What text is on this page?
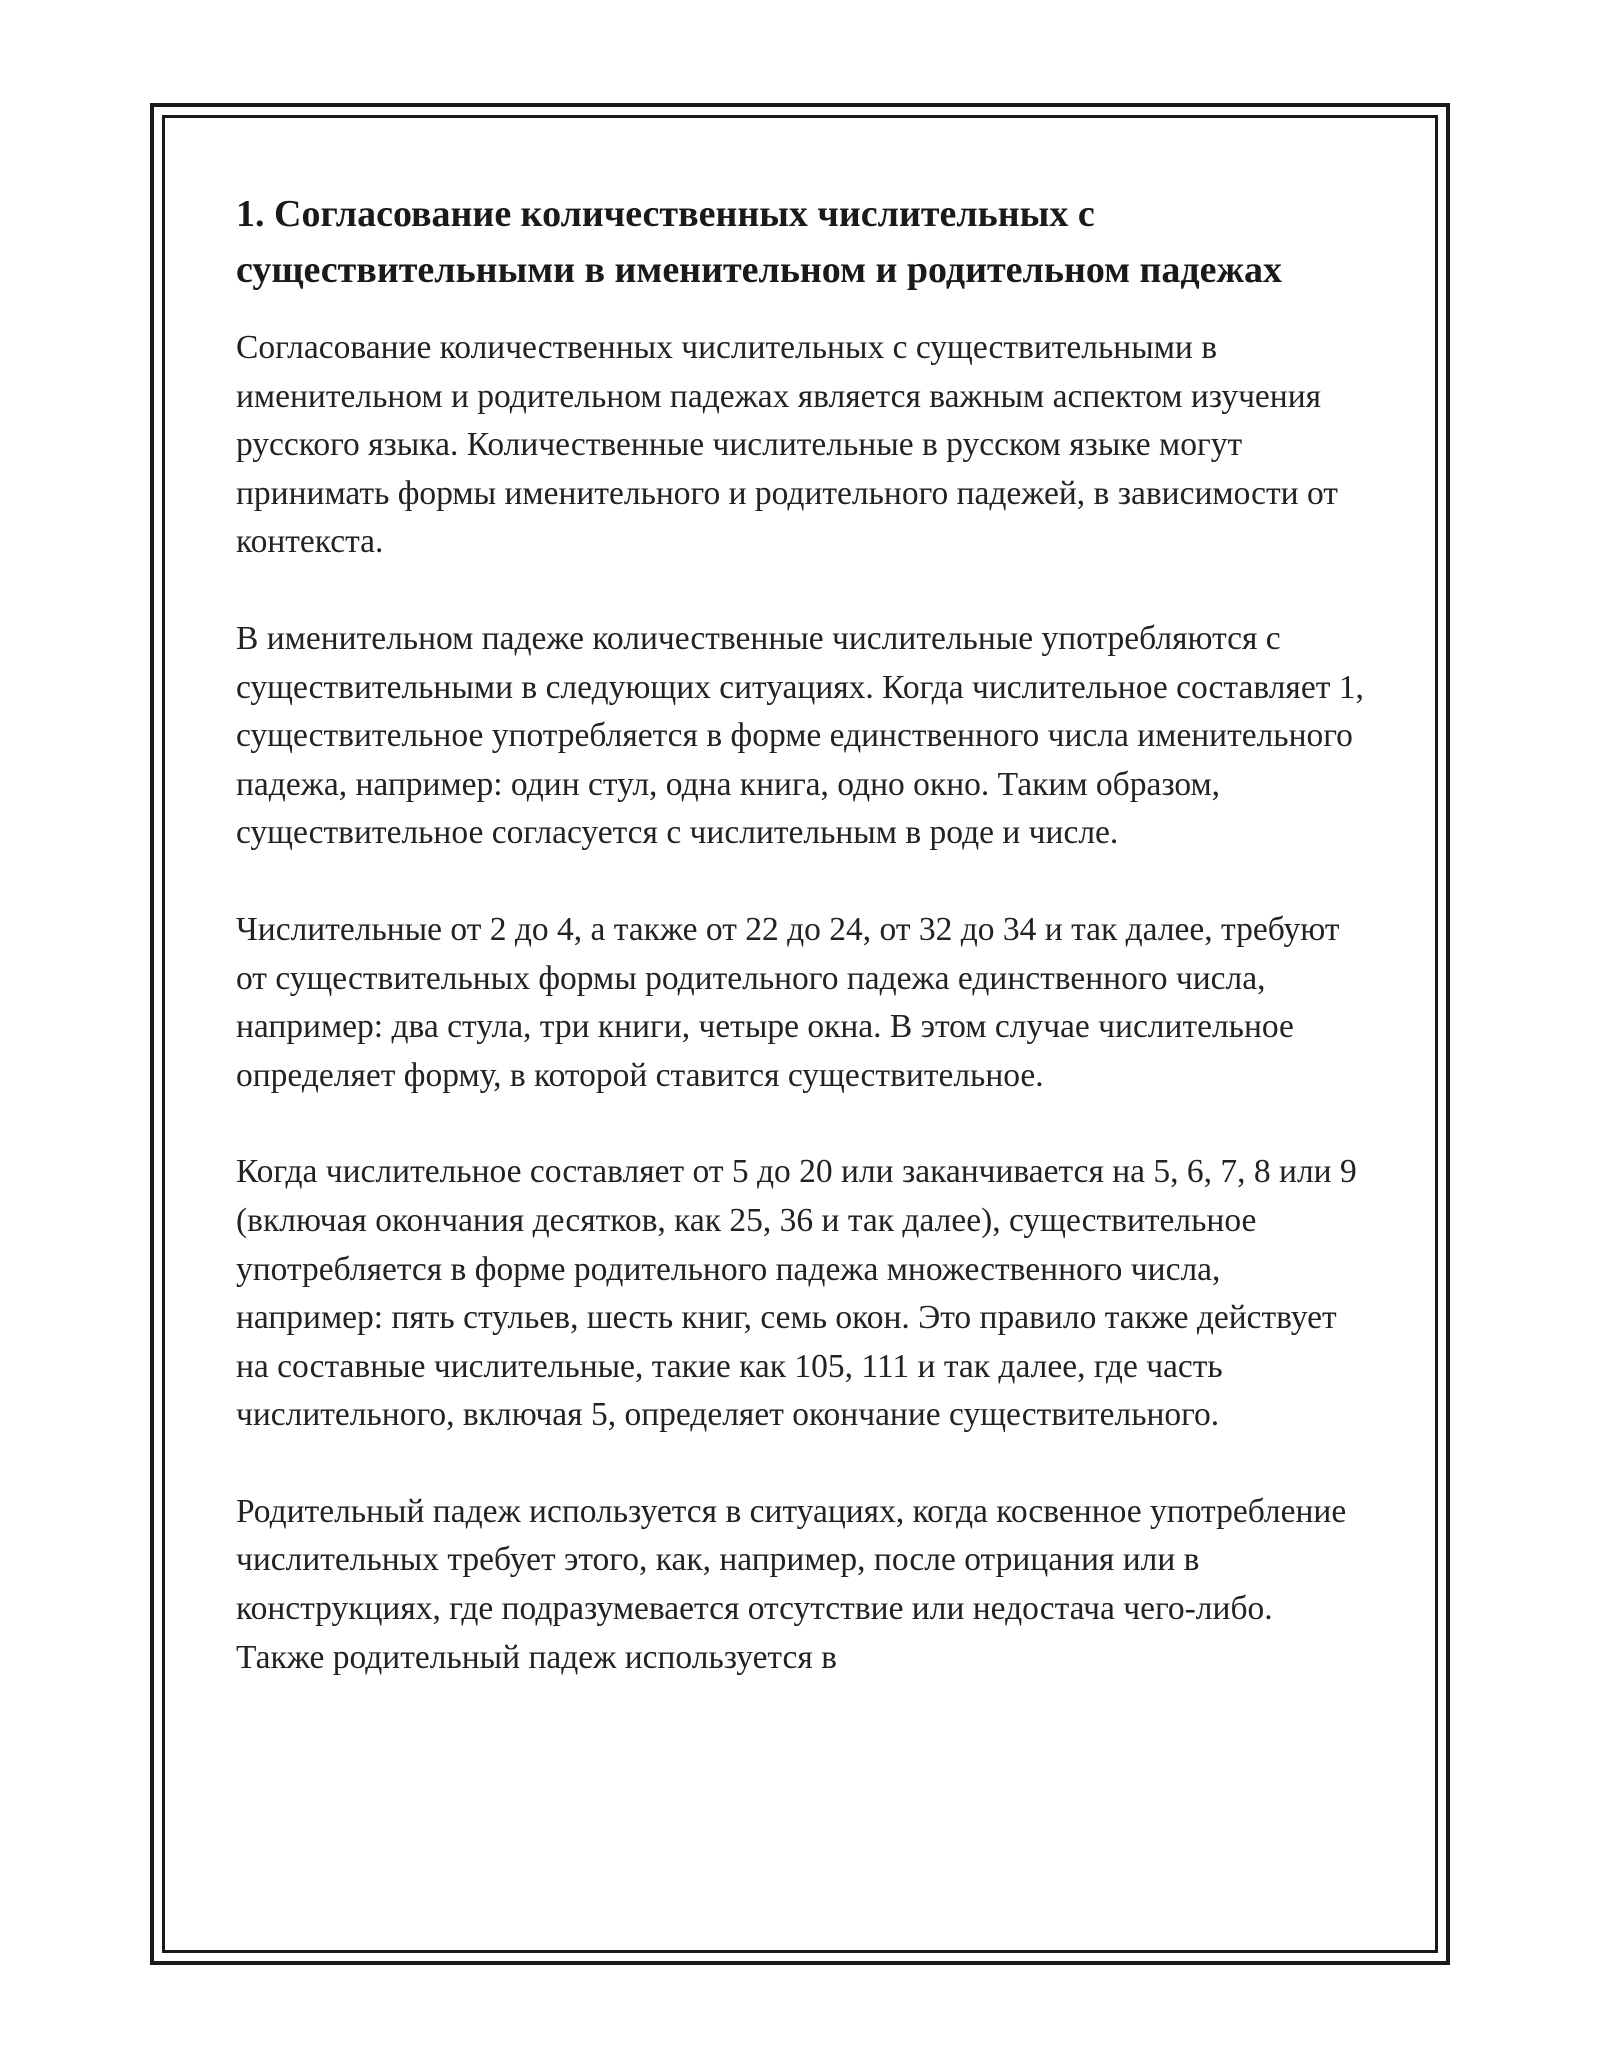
1. Согласование количественных числительных с существительными в именительном и родительном падежах

Согласование количественных числительных с существительными в именительном и родительном падежах является важным аспектом изучения русского языка. Количественные числительные в русском языке могут принимать формы именительного и родительного падежей, в зависимости от контекста.

В именительном падеже количественные числительные употребляются с существительными в следующих ситуациях. Когда числительное составляет 1, существительное употребляется в форме единственного числа именительного падежа, например: один стул, одна книга, одно окно. Таким образом, существительное согласуется с числительным в роде и числе.

Числительные от 2 до 4, а также от 22 до 24, от 32 до 34 и так далее, требуют от существительных формы родительного падежа единственного числа, например: два стула, три книги, четыре окна. В этом случае числительное определяет форму, в которой ставится существительное.

Когда числительное составляет от 5 до 20 или заканчивается на 5, 6, 7, 8 или 9 (включая окончания десятков, как 25, 36 и так далее), существительное употребляется в форме родительного падежа множественного числа, например: пять стульев, шесть книг, семь окон. Это правило также действует на составные числительные, такие как 105, 111 и так далее, где часть числительного, включая 5, определяет окончание существительного.

Родительный падеж используется в ситуациях, когда косвенное употребление числительных требует этого, как, например, после отрицания или в конструкциях, где подразумевается отсутствие или недостача чего-либо. Также родительный падеж используется в
